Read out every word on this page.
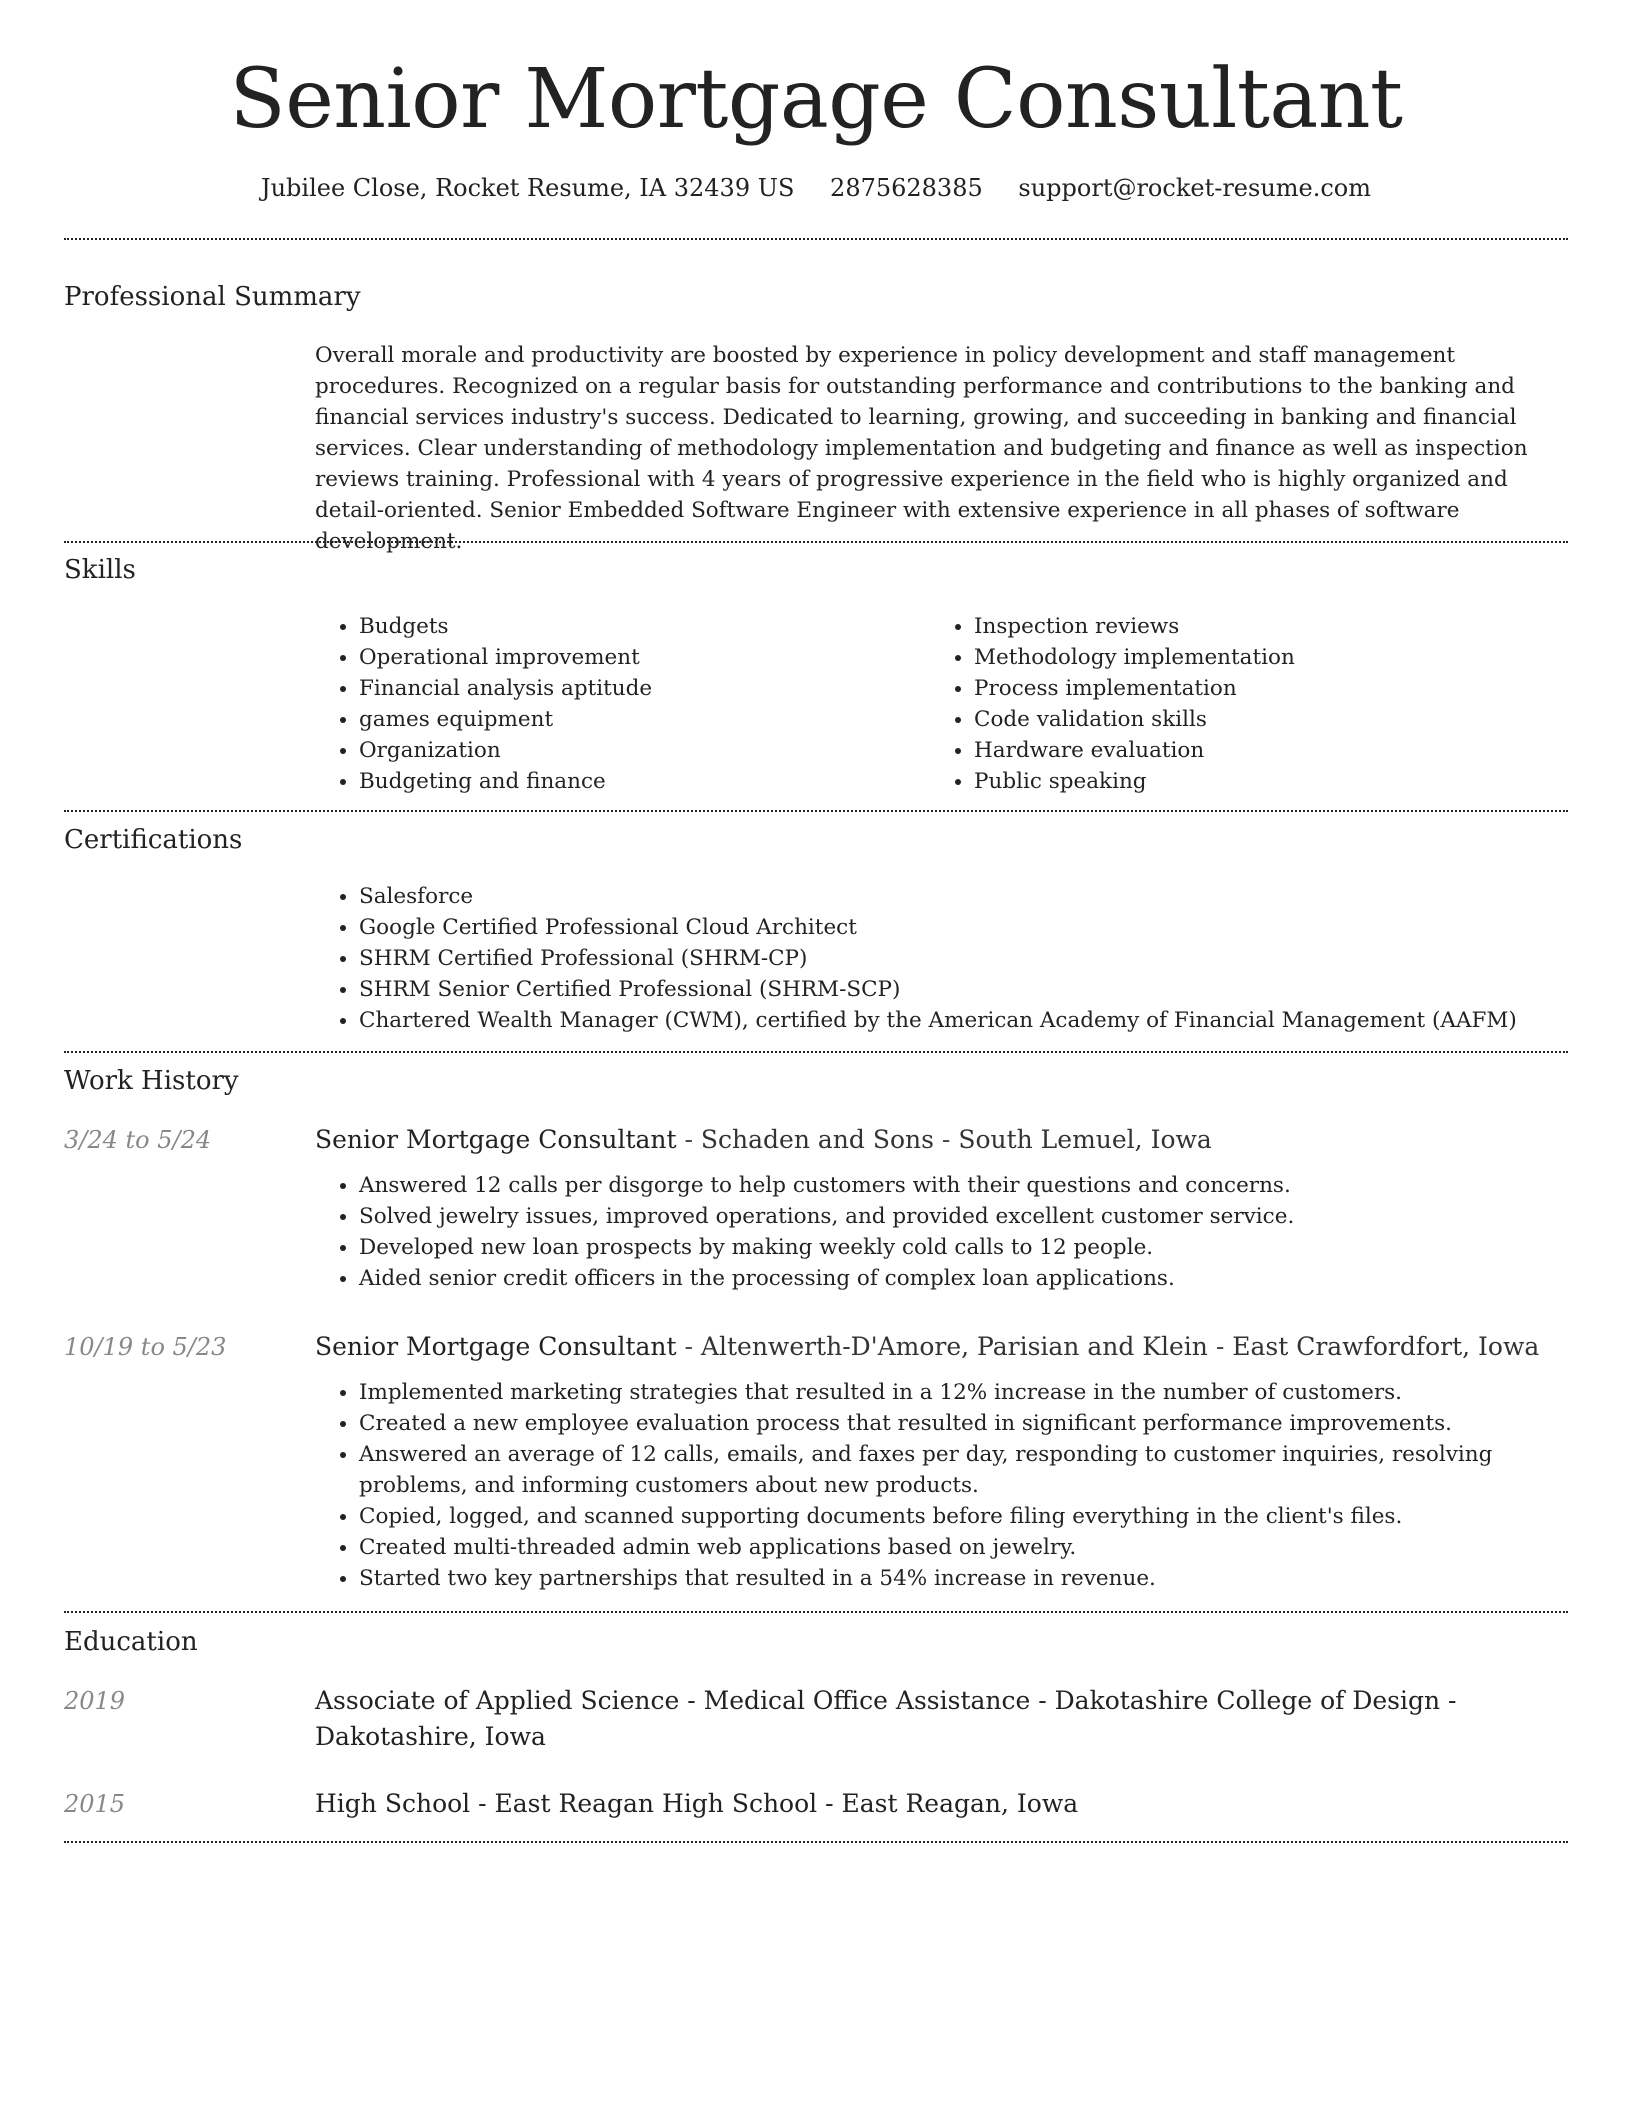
Senior Mortgage Consultant
Jubilee Close, Rocket Resume, IA 32439 US 2875628385 support@rocket-resume.com
Professional Summary

Overall morale and productivity are boosted by experience in policy development and staff management procedures. Recognized on a regular basis for outstanding performance and contributions to the banking and financial services industry's success. Dedicated to learning, growing, and succeeding in banking and financial services. Clear understanding of methodology implementation and budgeting and finance as well as inspection reviews training. Professional with 4 years of progressive experience in the field who is highly organized and detail-oriented. Senior Embedded Software Engineer with extensive experience in all phases of software development.

Skills
• Budgets
• Operational improvement
• Financial analysis aptitude
• games equipment
• Organization
• Budgeting and finance
• Inspection reviews
• Methodology implementation
• Process implementation
• Code validation skills
• Hardware evaluation
• Public speaking
Certifications
• Salesforce
• Google Certified Professional Cloud Architect
• SHRM Certified Professional (SHRM-CP)
• SHRM Senior Certified Professional (SHRM-SCP)
• Chartered Wealth Manager (CWM), certified by the American Academy of Financial Management (AAFM)
Work History
3/24 to 5/24	Senior Mortgage Consultant - Schaden and Sons - South Lemuel, Iowa

• Answered 12 calls per disgorge to help customers with their questions and concerns.
• Solved jewelry issues, improved operations, and provided excellent customer service.
• Developed new loan prospects by making weekly cold calls to 12 people.
• Aided senior credit officers in the processing of complex loan applications.
10/19 to 5/23	Senior Mortgage Consultant - Altenwerth-D'Amore, Parisian and Klein - East Crawfordfort, Iowa

• Implemented marketing strategies that resulted in a 12% increase in the number of customers.
• Created a new employee evaluation process that resulted in significant performance improvements.
• Answered an average of 12 calls, emails, and faxes per day, responding to customer inquiries, resolving problems, and informing customers about new products.
• Copied, logged, and scanned supporting documents before filing everything in the client's files.
• Created multi-threaded admin web applications based on jewelry.
• Started two key partnerships that resulted in a 54% increase in revenue.
Education
2019	Associate of Applied Science - Medical Office Assistance - Dakotashire College of Design - Dakotashire, Iowa

2015	High School - East Reagan High School - East Reagan, Iowa
